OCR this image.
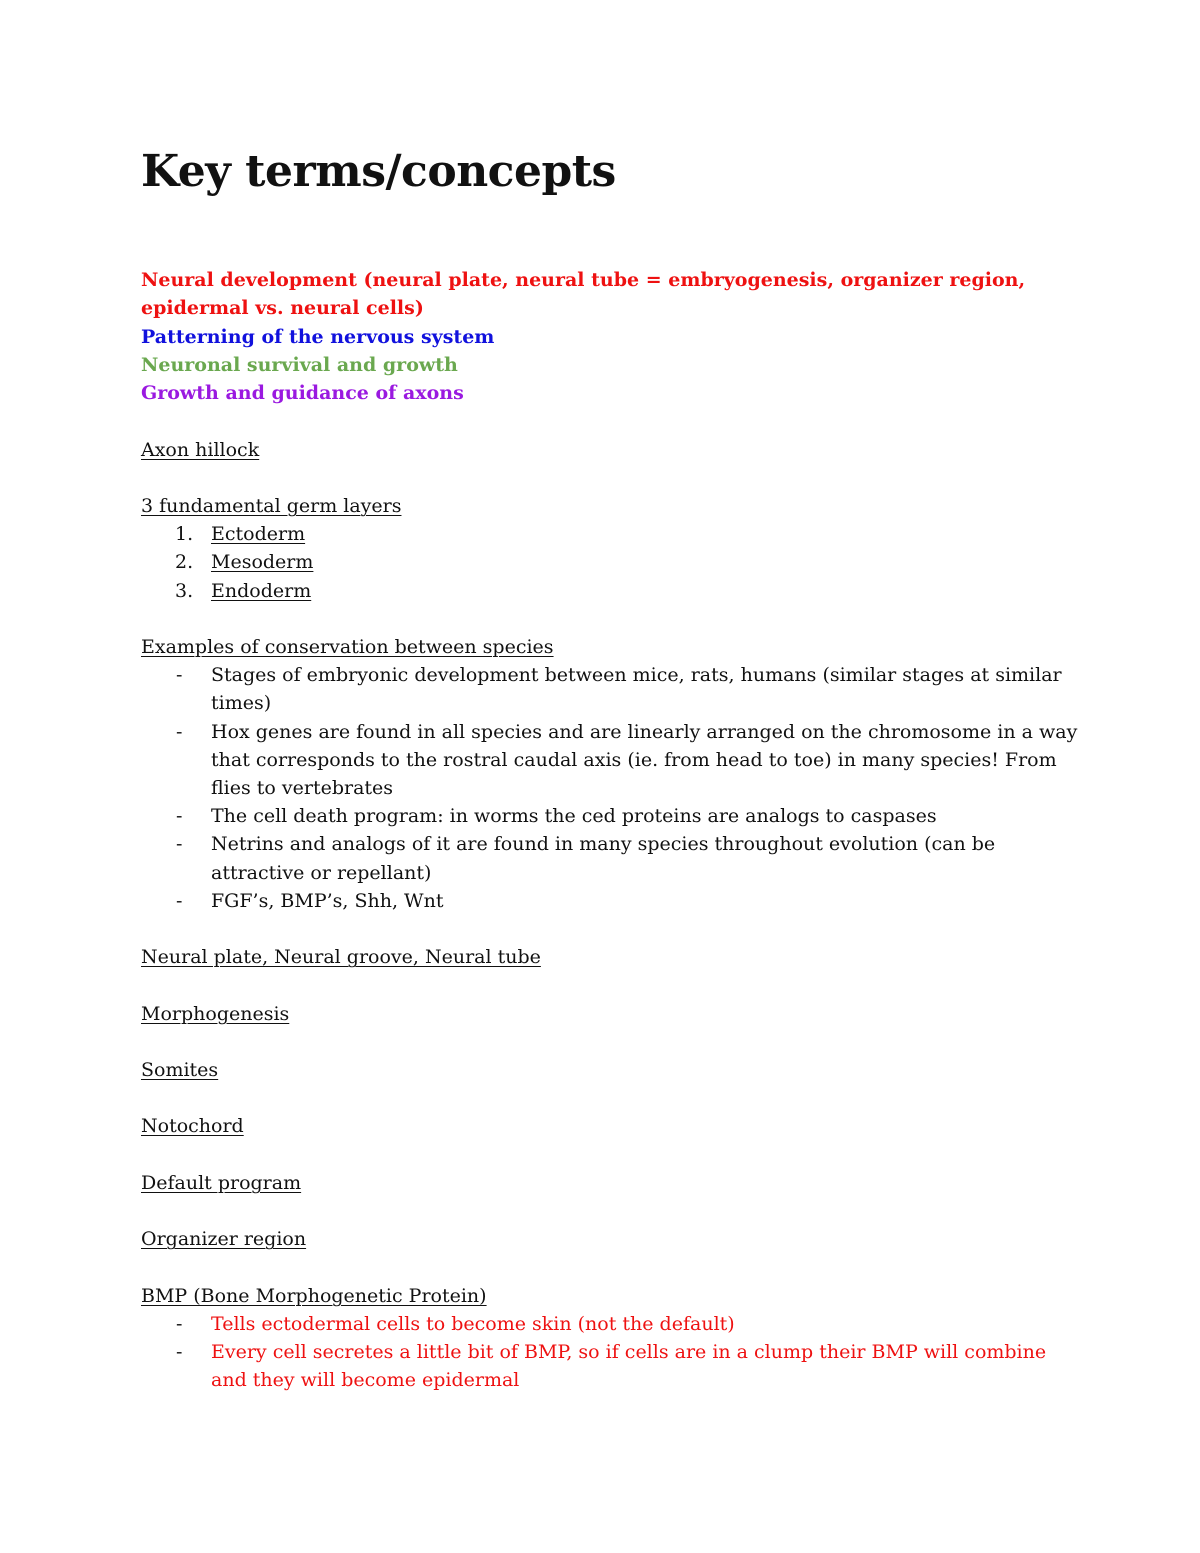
Key terms/concepts

Neural development (neural plate, neural tube = embryogenesis, organizer region, epidermal vs. neural cells)

Patterning of the nervous system

Neuronal survival and growth

Growth and guidance of axons

Axon hillock

3 fundamental germ layers

1. Ectoderm
2. Mesoderm
3. Endoderm

Examples of conservation between species

-	Stages of embryonic development between mice, rats, humans (similar stages at similar times)
-	Hox genes are found in all species and are linearly arranged on the chromosome in a way that corresponds to the rostral caudal axis (ie. from head to toe) in many species! From flies to vertebrates
-	The cell death program: in worms the ced proteins are analogs to caspases
-	Netrins and analogs of it are found in many species throughout evolution (can be attractive or repellant)
-	FGF’s, BMP’s, Shh, Wnt

Neural plate, Neural groove, Neural tube

Morphogenesis

Somites

Notochord

Default program

Organizer region

BMP (Bone Morphogenetic Protein)

-	Tells ectodermal cells to become skin (not the default)
-	Every cell secretes a little bit of BMP, so if cells are in a clump their BMP will combine and they will become epidermal
